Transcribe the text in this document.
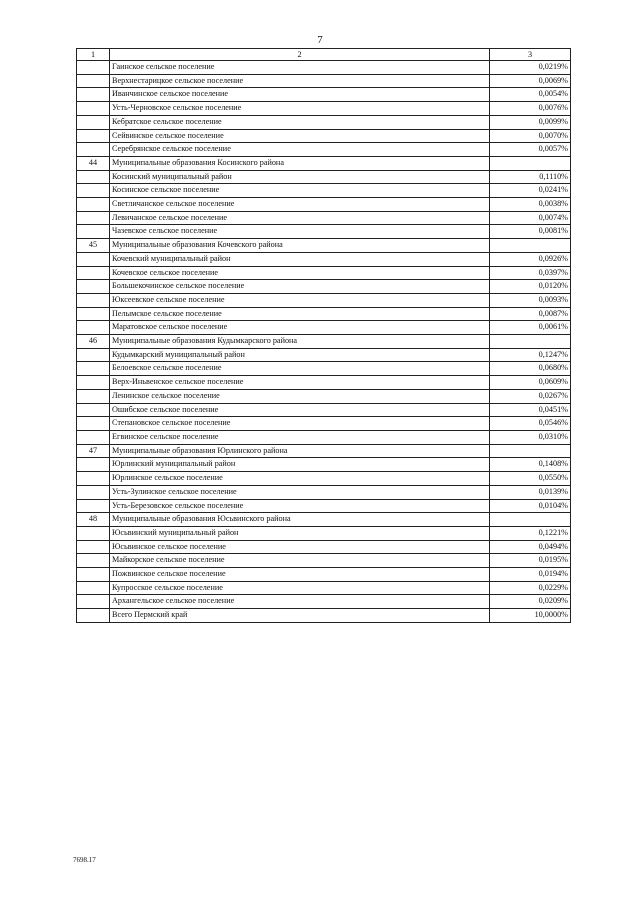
7
1	2	3
	Гаинское сельское поселение	0,0219%
	Верхнестарицкое сельское поселение	0,0069%
	Иванчинское сельское поселение	0,0054%
	Усть-Черновское сельское поселение	0,0076%
	Кебратское сельское поселение	0,0099%
	Сейвинское сельское поселение	0,0070%
	Серебрянское сельское поселение	0,0057%
44	Муниципальные образования Косинского района	
	Косинский муниципальный район	0,1110%
	Косинское сельское поселение	0,0241%
	Светличанское сельское поселение	0,0038%
	Левичанское сельское поселение	0,0074%
	Чазевское сельское поселение	0,0081%
45	Муниципальные образования Кочевского района	
	Кочевский муниципальный район	0,0926%
	Кочевское сельское поселение	0,0397%
	Большекочинское сельское поселение	0,0120%
	Юксеевское сельское поселение	0,0093%
	Пелымское сельское поселение	0,0087%
	Маратовское сельское поселение	0,0061%
46	Муниципальные образования Кудымкарского района	
	Кудымкарский муниципальный район	0,1247%
	Белоевское сельское поселение	0,0680%
	Верх-Иньвенское сельское поселение	0,0609%
	Ленинское сельское поселение	0,0267%
	Ошибское сельское поселение	0,0451%
	Степановское сельское поселение	0,0546%
	Егвинское сельское поселение	0,0310%
47	Муниципальные образования Юрлинского района	
	Юрлинский муниципальный район	0,1408%
	Юрлинское сельское поселение	0,0550%
	Усть-Зулинское сельское поселение	0,0139%
	Усть-Березовское сельское поселение	0,0104%
48	Муниципальные образования Юсьвинского района	
	Юсьвинский муниципальный район	0,1221%
	Юсьвинское сельское поселение	0,0494%
	Майкорское сельское поселение	0,0195%
	Пожвинское сельское поселение	0,0194%
	Купросское сельское поселение	0,0229%
	Архангельское сельское поселение	0,0209%
	Всего Пермский край	10,0000%
7698.17
